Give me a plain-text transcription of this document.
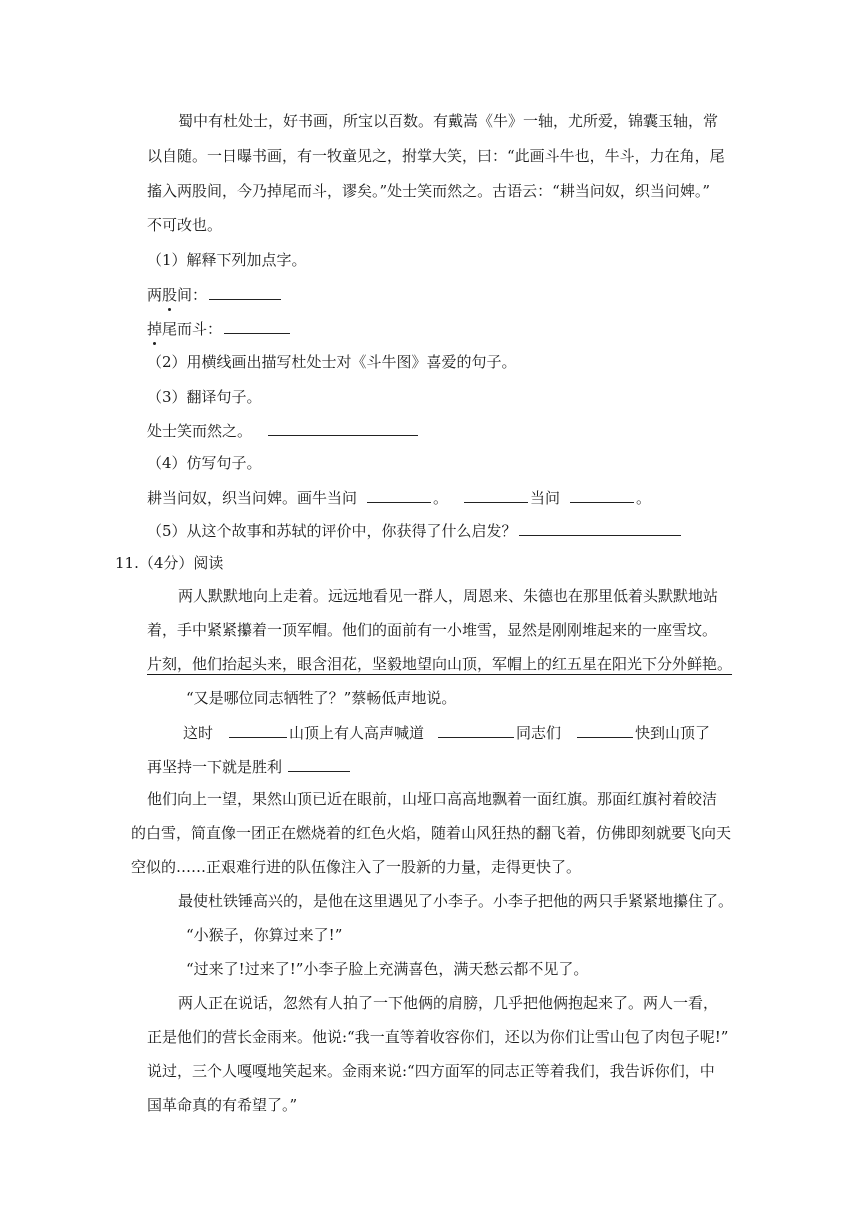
蜀中有杜处士，好书画，所宝以百数。有戴嵩《牛》一轴，尤所爱，锦囊玉轴，常
以自随。一日曝书画，有一牧童见之，拊掌大笑，曰：“此画斗牛也，牛斗，力在角，尾
搐入两股间，今乃掉尾而斗，谬矣。”处士笑而然之。古语云：“耕当问奴，织当问婢。”
不可改也。
（1）解释下列加点字。
两股间：
掉尾而斗：
（2）用横线画出描写杜处士对《斗牛图》喜爱的句子。
（3）翻译句子。
处士笑而然之。
（4）仿写句子。
耕当问奴，织当问婢。画牛当问	。	当问	。
（5）从这个故事和苏轼的评价中，你获得了什么启发？
11.（4分）阅读
两人默默地向上走着。远远地看见一群人，周恩来、朱德也在那里低着头默默地站
着，手中紧紧攥着一顶军帽。他们的面前有一小堆雪，显然是刚刚堆起来的一座雪坟。
片刻，他们抬起头来，眼含泪花，坚毅地望向山顶，军帽上的红五星在阳光下分外鲜艳。
“又是哪位同志牺牲了？”蔡畅低声地说。
这时	山顶上有人高声喊道	同志们	快到山顶了
再坚持一下就是胜利
他们向上一望，果然山顶已近在眼前，山垭口高高地飘着一面红旗。那面红旗衬着皎洁
的白雪，简直像一团正在燃烧着的红色火焰，随着山风狂热的翻飞着，仿佛即刻就要飞向天
空似的……正艰难行进的队伍像注入了一股新的力量，走得更快了。
最使杜铁锤高兴的，是他在这里遇见了小李子。小李子把他的两只手紧紧地攥住了。
“小猴子，你算过来了!”
“过来了!过来了!”小李子脸上充满喜色，满天愁云都不见了。
两人正在说话，忽然有人拍了一下他俩的肩膀，几乎把他俩抱起来了。两人一看，
正是他们的营长金雨来。他说:“我一直等着收容你们，还以为你们让雪山包了肉包子呢!”
说过，三个人嘎嘎地笑起来。金雨来说:“四方面军的同志正等着我们，我告诉你们，中
国革命真的有希望了。”
